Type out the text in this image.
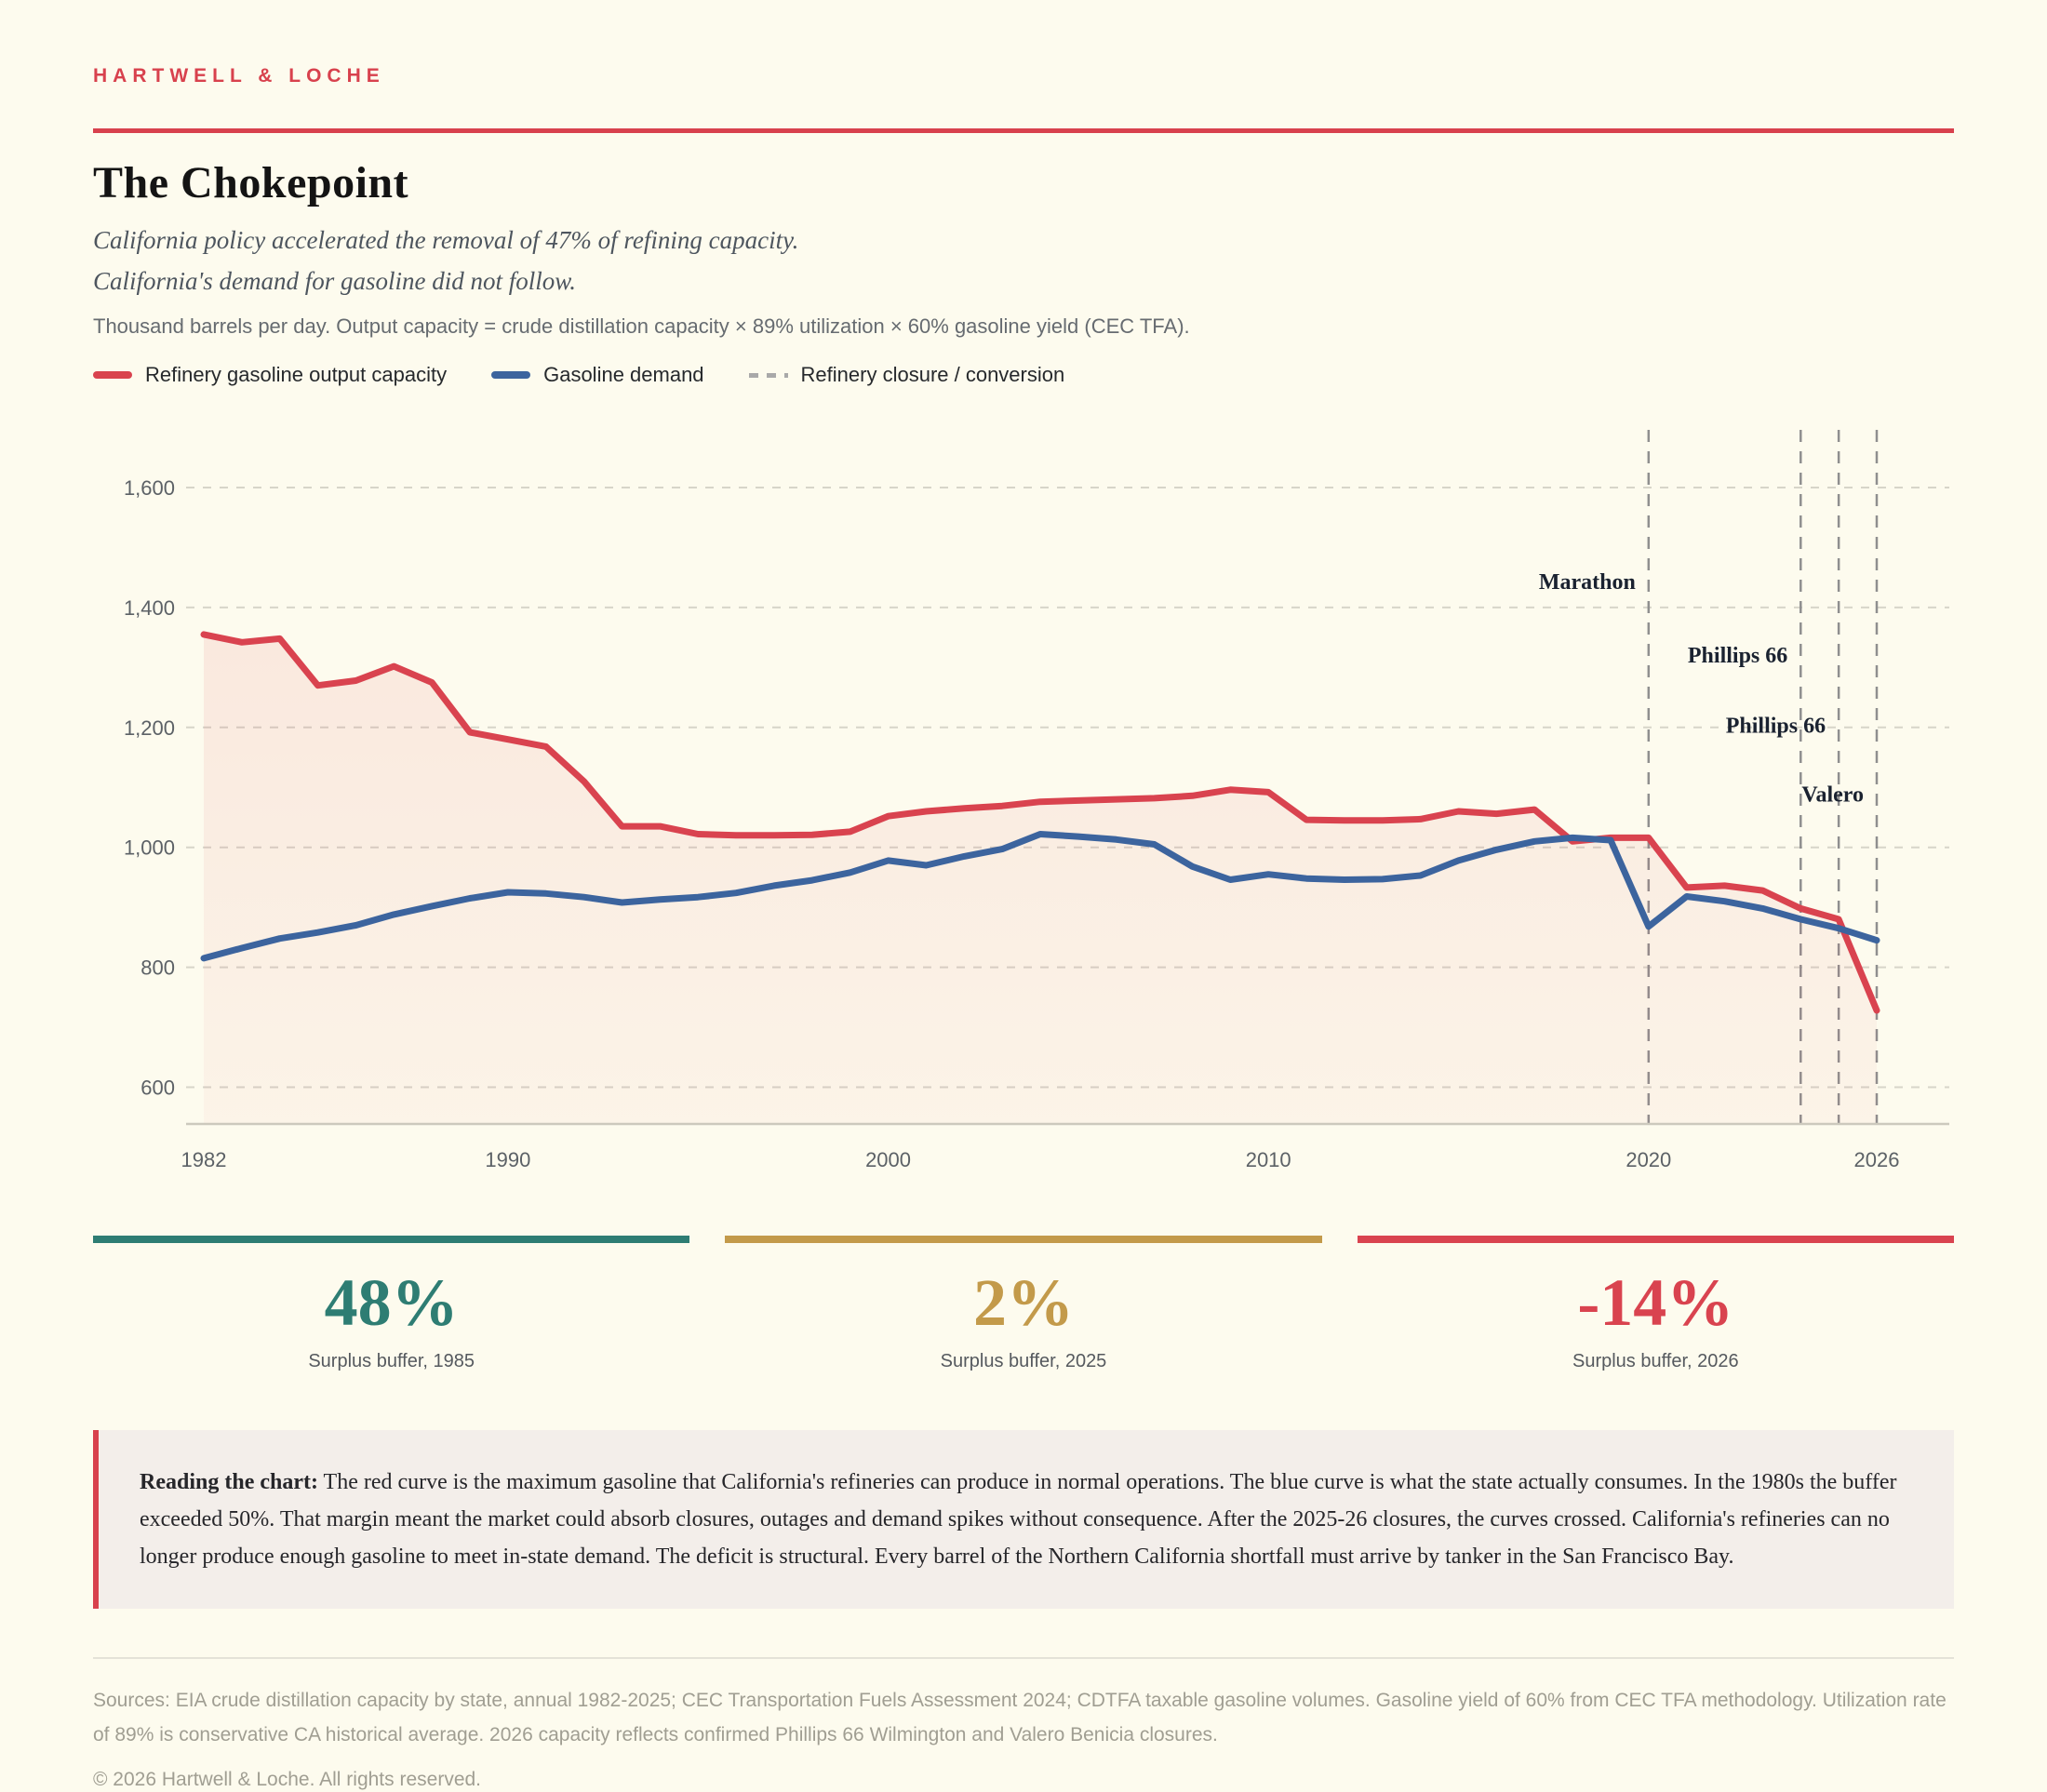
HARTWELL & LOCHE
The Chokepoint

California policy accelerated the removal of 47% of refining capacity.

California's demand for gasoline did not follow.

Thousand barrels per day. Output capacity = crude distillation capacity × 89% utilization × 60% gasoline yield (CEC TFA).

Refinery gasoline output capacity	Gasoline demand	Refinery closure / conversion
600
800
1,000
1,200
1,400
1,600
Marathon
Phillips 66
Phillips 66
Valero
1982	1990	2000	2010	2020	2026
48%
Surplus buffer, 1985
2%
Surplus buffer, 2025
-14%
Surplus buffer, 2026
Reading the chart: The red curve is the maximum gasoline that California's refineries can produce in normal operations. The blue curve is what the state actually consumes. In the 1980s the buffer exceeded 50%. That margin meant the market could absorb closures, outages and demand spikes without consequence. After the 2025-26 closures, the curves crossed. California's refineries can no longer produce enough gasoline to meet in-state demand. The deficit is structural. Every barrel of the Northern California shortfall must arrive by tanker in the San Francisco Bay.

Sources: EIA crude distillation capacity by state, annual 1982-2025; CEC Transportation Fuels Assessment 2024; CDTFA taxable gasoline volumes. Gasoline yield of 60% from CEC TFA methodology. Utilization rate of 89% is conservative CA historical average. 2026 capacity reflects confirmed Phillips 66 Wilmington and Valero Benicia closures.

© 2026 Hartwell & Loche. All rights reserved.
